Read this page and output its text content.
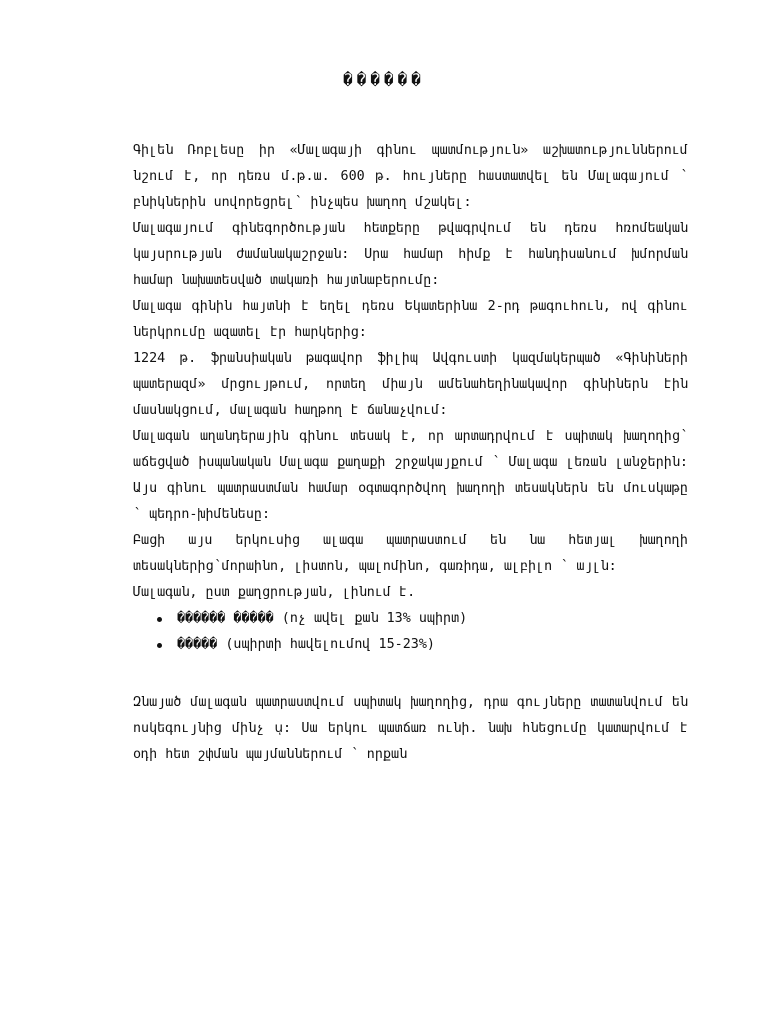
������

Գիլեն Ռոբլեսը իր «Մալագայի գինու պատմություն» աշխատություններում նշում է, որ դեռ͏ս մ.թ.ա. 600 թ. հույները հաստատվել են Մալագայում ՝ բնիկներին սովորեցրել՝ ինչպես խաղող մշակել:

Մալագայում գինեգործության հետքերը թվագրվում են դեռ͏ս հռոմեական կայսրության ժամանակաշրջան: Սրա համար հիմք է հանդիսանում խմորման համար նախատեսված տակառի հայտնաբերումը:

Մալագա գինին հայտնի է եղել դեռ͏ս Եկատերինա 2-րդ թագուհուն, ով գինու ներկրումը ազատել էր հարկերից:

1224 թ. ֆրանսիական թագավոր ֆիլիպ Ավգուստի կազմակերպած «Գինիների պատերազմ» մրցույթում, որտեղ միայն ամենահեղինակավոր գինիներն էին մասնակցում, մալագան հաղթող է ճանաչվում:

Մալագան աղանդերային գինու տեսակ է, որ արտադրվում է սպիտակ խաղողից՝ աճեցված իսպանական Մալագա քաղաքի շրջակայքում ՝ Մալագա լեռան լանջերին: Այս գինու պատրաստման համար օգտագործվող խաղողի տեսակներն են մուսկաթը ՝ պեդրո-խիմենեսը:

Բացի այս երկուսից ͏ալագա պատրաստում են նա͏ հետ͏յալ խաղողի տեսակներից՝մորաինո, լիստոն, պալոմինո, գառիդա, ալբիլո ՝ այլն:

Մալագան, ըստ քաղցրության, լինում է.

������ ����� (ոչ ավել քան 13% սպիրտ)
����� (սպիրտի հավելումով 15-23%)

Զնայած մալագան պատրաստվում սպիտակ խաղողից, դրա գույները տատանվում են ոսկեգույնից մինչ͏ սͅ: Սա երկու պատճառ ունի. նախ հնեցումը կատարվում է օդի հետ շփման պայմաններում ՝ որքան
